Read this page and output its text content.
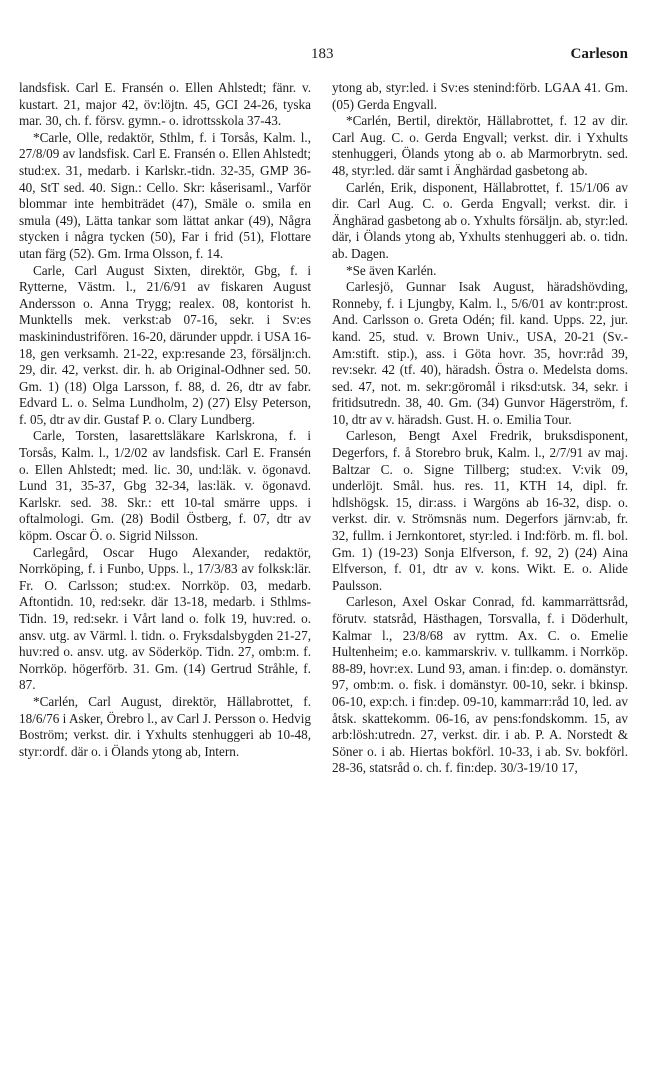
183	Carleson

landsfisk. Carl E. Fransén o. Ellen Ahlstedt; fänr. v. kustart. 21, major 42, öv:löjtn. 45, GCI 24-26, tyska mar. 30, ch. f. försv. gymn.- o. idrottsskola 37-43.

*Carle, Olle, redaktör, Sthlm, f. i Torsås, Kalm. l., 27/8/09 av landsfisk. Carl E. Fransén o. Ellen Ahlstedt; stud:ex. 31, medarb. i Karlskr.-tidn. 32-35, GMP 36-40, StT sed. 40. Sign.: Cello. Skr: kåserisaml., Varför blommar inte hembiträdet (47), Smäle o. smila en smula (49), Lätta tankar som lättat ankar (49), Några stycken i några tycken (50), Far i frid (51), Flottare utan färg (52). Gm. Irma Olsson, f. 14.

Carle, Carl August Sixten, direktör, Gbg, f. i Rytterne, Västm. l., 21/6/91 av fiskaren August Andersson o. Anna Trygg; realex. 08, kontorist h. Munktells mek. verkst:ab 07-16, sekr. i Sv:es maskinindustrifören. 16-20, därunder uppdr. i USA 16-18, gen verksamh. 21-22, exp:resande 23, försäljn:ch. 29, dir. 42, verkst. dir. h. ab Original-Odhner sed. 50. Gm. 1) (18) Olga Larsson, f. 88, d. 26, dtr av fabr. Edvard L. o. Selma Lundholm, 2) (27) Elsy Peterson, f. 05, dtr av dir. Gustaf P. o. Clary Lundberg.

Carle, Torsten, lasarettsläkare Karlskrona, f. i Torsås, Kalm. l., 1/2/02 av landsfisk. Carl E. Fransén o. Ellen Ahlstedt; med. lic. 30, und:läk. v. ögonavd. Lund 31, 35-37, Gbg 32-34, las:läk. v. ögonavd. Karlskr. sed. 38. Skr.: ett 10-tal smärre upps. i oftalmologi. Gm. (28) Bodil Östberg, f. 07, dtr av köpm. Oscar Ö. o. Sigrid Nilsson.

Carlegård, Oscar Hugo Alexander, redaktör, Norrköping, f. i Funbo, Upps. l., 17/3/83 av folksk:lär. Fr. O. Carlsson; stud:ex. Norrköp. 03, medarb. Aftontidn. 10, red:sekr. där 13-18, medarb. i Sthlms-Tidn. 19, red:sekr. i Vårt land o. folk 19, huv:red. o. ansv. utg. av Värml. l. tidn. o. Fryksdalsbygden 21-27, huv:red o. ansv. utg. av Söderköp. Tidn. 27, omb:m. f. Norrköp. högerförb. 31. Gm. (14) Gertrud Stråhle, f. 87.

*Carlén, Carl August, direktör, Hällabrottet, f. 18/6/76 i Asker, Örebro l., av Carl J. Persson o. Hedvig Boström; verkst. dir. i Yxhults stenhuggeri ab 10-48, styr:ordf. där o. i Ölands ytong ab, Intern.

ytong ab, styr:led. i Sv:es stenind:förb. LGAA 41. Gm. (05) Gerda Engvall.

*Carlén, Bertil, direktör, Hällabrottet, f. 12 av dir. Carl Aug. C. o. Gerda Engvall; verkst. dir. i Yxhults stenhuggeri, Ölands ytong ab o. ab Marmorbrytn. sed. 48, styr:led. där samt i Änghärdad gasbetong ab.

Carlén, Erik, disponent, Hällabrottet, f. 15/1/06 av dir. Carl Aug. C. o. Gerda Engvall; verkst. dir. i Änghärad gasbetong ab o. Yxhults försäljn. ab, styr:led. där, i Ölands ytong ab, Yxhults stenhuggeri ab. o. tidn. ab. Dagen.

*Se även Karlén.

Carlesjö, Gunnar Isak August, häradshövding, Ronneby, f. i Ljungby, Kalm. l., 5/6/01 av kontr:prost. And. Carlsson o. Greta Odén; fil. kand. Upps. 22, jur. kand. 25, stud. v. Brown Univ., USA, 20-21 (Sv.-Am:stift. stip.), ass. i Göta hovr. 35, hovr:råd 39, rev:sekr. 42 (tf. 40), häradsh. Östra o. Medelsta doms. sed. 47, not. m. sekr:göromål i riksd:utsk. 34, sekr. i fritidsutredn. 38, 40. Gm. (34) Gunvor Hägerström, f. 10, dtr av v. häradsh. Gust. H. o. Emilia Tour.

Carleson, Bengt Axel Fredrik, bruksdisponent, Degerfors, f. å Storebro bruk, Kalm. l., 2/7/91 av maj. Baltzar C. o. Signe Tillberg; stud:ex. V:vik 09, underlöjt. Smål. hus. res. 11, KTH 14, dipl. fr. hdlshögsk. 15, dir:ass. i Wargöns ab 16-32, disp. o. verkst. dir. v. Strömsnäs num. Degerfors järnv:ab, fr. 32, fullm. i Jernkontoret, styr:led. i Ind:förb. m. fl. bol. Gm. 1) (19-23) Sonja Elfverson, f. 92, 2) (24) Aina Elfverson, f. 01, dtr av v. kons. Wikt. E. o. Alide Paulsson.

Carleson, Axel Oskar Conrad, fd. kammarrättsråd, förutv. statsråd, Hästhagen, Torsvalla, f. i Döderhult, Kalmar l., 23/8/68 av ryttm. Ax. C. o. Emelie Hultenheim; e.o. kammarskriv. v. tullkamm. i Norrköp. 88-89, hovr:ex. Lund 93, aman. i fin:dep. o. domänstyr. 97, omb:m. o. fisk. i domänstyr. 00-10, sekr. i bkinsp. 06-10, exp:ch. i fin:dep. 09-10, kammarr:råd 10, led. av åtsk. skattekomm. 06-16, av pens:fondskomm. 15, av arb:lösh:utredn. 27, verkst. dir. i ab. P. A. Norstedt & Söner o. i ab. Hiertas bokförl. 10-33, i ab. Sv. bokförl. 28-36, statsråd o. ch. f. fin:dep. 30/3-19/10 17,
